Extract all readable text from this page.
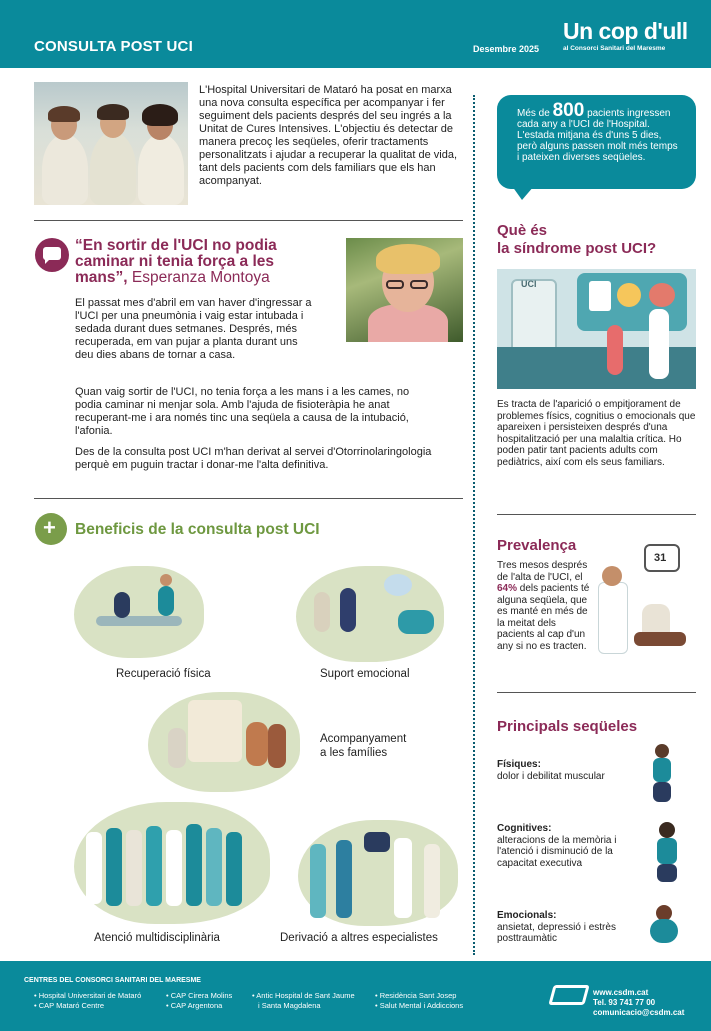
CONSULTA POST UCI	Desembre 2025
Un cop d'ull
al Consorci Sanitari del Maresme
L'Hospital Universitari de Mataró ha posat en marxa una nova consulta específica per acompanyar i fer seguiment dels pacients després del seu ingrés a la Unitat de Cures Intensives. L'objectiu és detectar de manera precoç les seqüeles, oferir tractaments personalitzats i ajudar a recuperar la qualitat de vida, tant dels pacients com dels familiars que els han acompanyat.
Més de 800 pacients ingressen cada any a l'UCI de l'Hospital. L'estada mitjana és d'uns 5 dies, però alguns passen molt més temps i pateixen diverses seqüeles.
“En sortir de l'UCI no podia caminar ni tenia força a les mans”, Esperanza Montoya
El passat mes d'abril em van haver d'ingressar a l'UCI per una pneumònia i vaig estar intubada i sedada durant dues setmanes. Després, més recuperada, em van pujar a planta durant uns deu dies abans de tornar a casa.
Quan vaig sortir de l'UCI, no tenia força a les mans i a les cames, no podia caminar ni menjar sola. Amb l'ajuda de fisioteràpia he anat recuperant-me i ara només tinc una seqüela a causa de la intubació, l'afonia.
Des de la consulta post UCI m'han derivat al servei d'Otorrinolaringologia perquè em puguin tractar i donar-me l'alta definitiva.
+
Beneficis de la consulta post UCI
Recuperació física	Suport emocional
Acompanyament
a les famílies
Atenció multidisciplinària	Derivació a altres especialistes
Què és
la síndrome post UCI?
UCI
Es tracta de l'aparició o empitjorament de problemes físics, cognitius o emocionals que apareixen i persisteixen després d'una hospitalització per una malaltia crítica. Ho poden patir tant pacients adults com pediàtrics, així com els seus familiars.
Prevalença
Tres mesos després de l'alta de l'UCI, el 64% dels pacients té alguna seqüela, que es manté en més de la meitat dels pacients al cap d'un any si no es tracten.
31
Principals seqüeles
Físiques:
dolor i debilitat muscular
Cognitives:
alteracions de la memòria i l'atenció i disminució de la capacitat executiva
Emocionals:
ansietat, depressió i estrès posttraumàtic
CENTRES DEL CONSORCI SANITARI DEL MARESME
• Hospital Universitari de Mataró
• CAP Mataró Centre
• CAP Cirera Molins
• CAP Argentona
• Antic Hospital de Sant Jaume
i Santa Magdalena
• Residència Sant Josep
• Salut Mental i Addiccions
www.csdm.cat
Tel. 93 741 77 00
comunicacio@csdm.cat
